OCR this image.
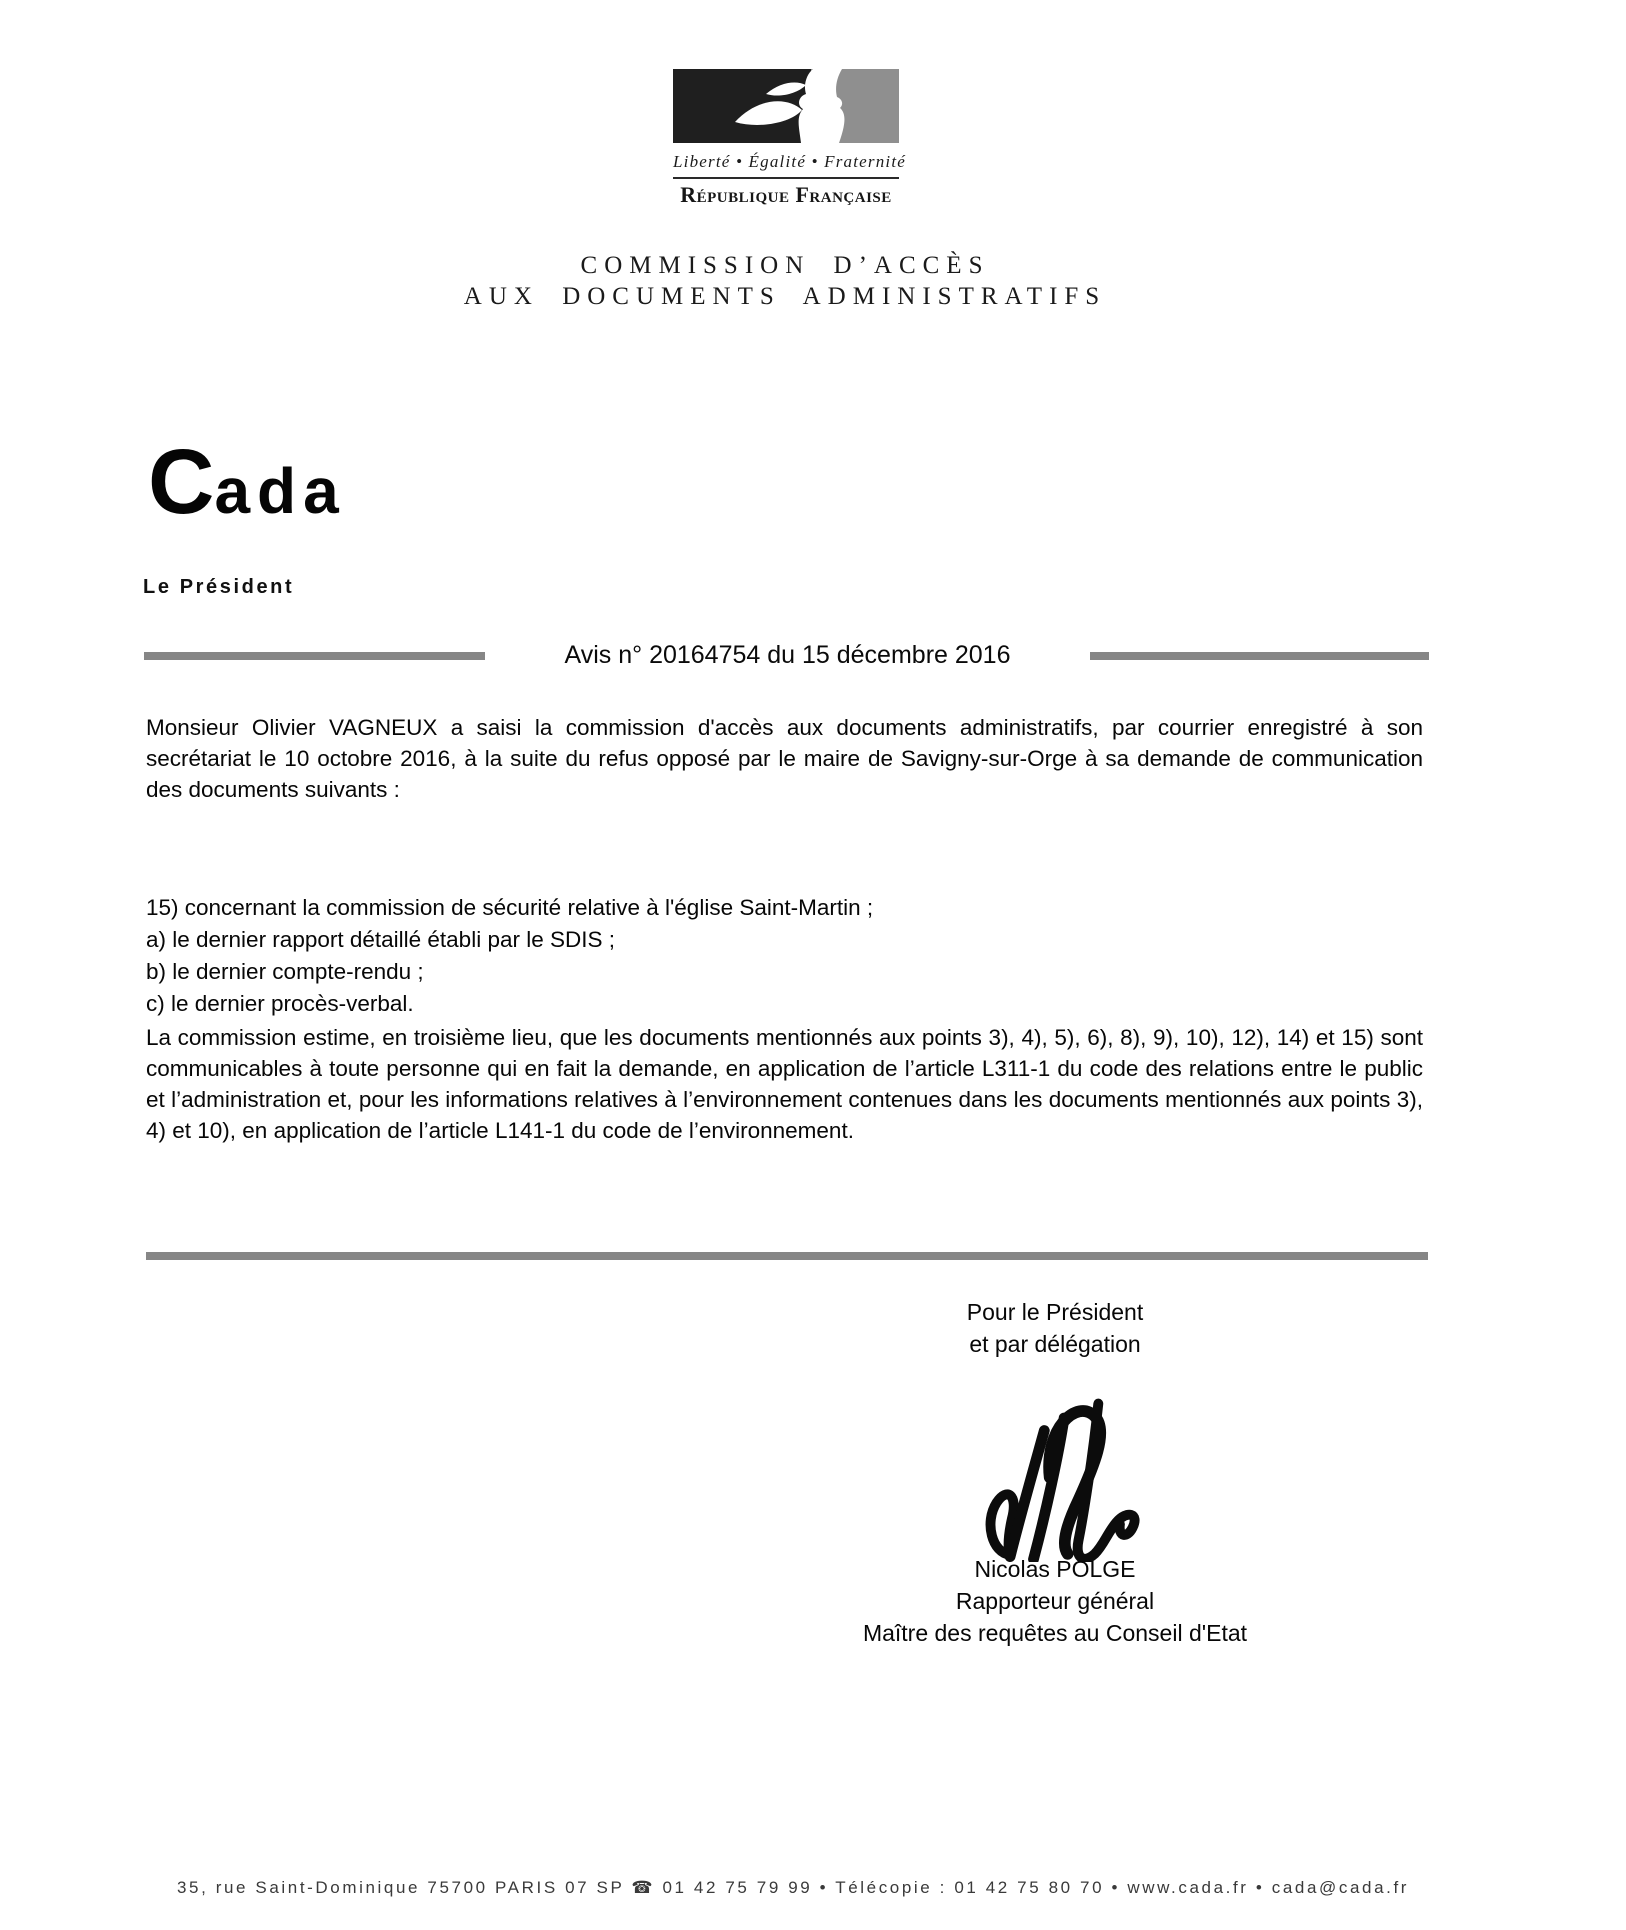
Liberté • Égalité • Fraternité
République Française
COMMISSION D’ACCÈS
AUX DOCUMENTS ADMINISTRATIFS
Cada
Le Président
Avis n° 20164754 du 15 décembre 2016
Monsieur Olivier VAGNEUX a saisi la commission d'accès aux documents administratifs, par courrier enregistré à son secrétariat le 10 octobre 2016, à la suite du refus opposé par le maire de Savigny-sur-Orge à sa demande de communication des documents suivants :
15) concernant la commission de sécurité relative à l'église Saint-Martin ;
a) le dernier rapport détaillé établi par le SDIS ;
b) le dernier compte-rendu ;
c) le dernier procès-verbal.
La commission estime, en troisième lieu, que les documents mentionnés aux points 3), 4), 5), 6), 8), 9), 10), 12), 14) et 15) sont communicables à toute personne qui en fait la demande, en application de l’article L311-1 du code des relations entre le public et l’administration et, pour les informations relatives à l’environnement contenues dans les documents mentionnés aux points 3), 4) et 10), en application de l’article L141-1 du code de l’environnement.
Pour le Président
et par délégation
Nicolas POLGE
Rapporteur général
Maître des requêtes au Conseil d'Etat
35, rue Saint-Dominique 75700 PARIS 07 SP ☎ 01 42 75 79 99 • Télécopie : 01 42 75 80 70 • www.cada.fr • cada@cada.fr
